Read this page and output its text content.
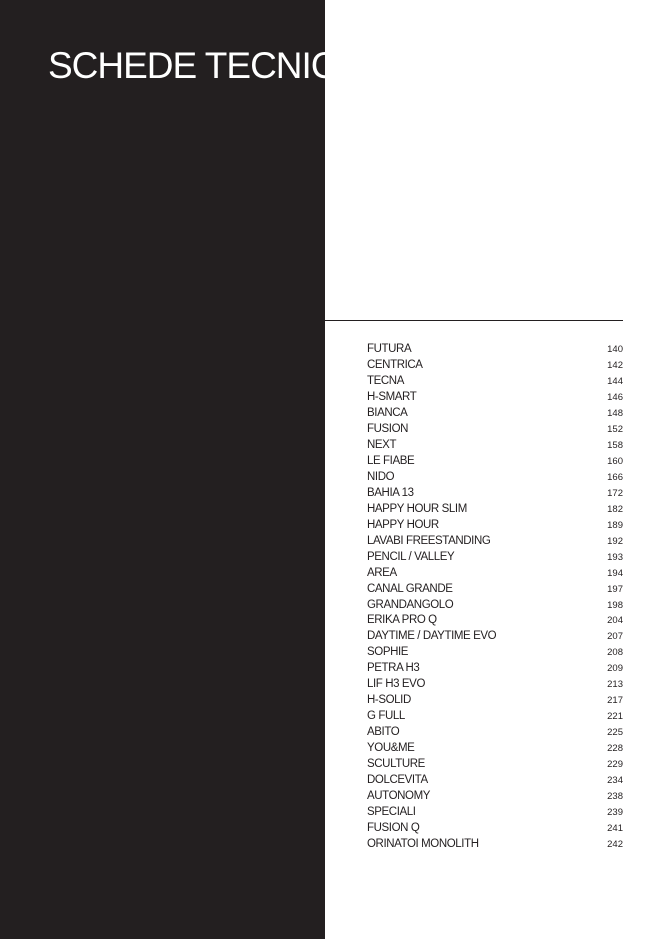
SCHEDE TECNICHE
FUTURA	140
CENTRICA	142
TECNA	144
H-SMART	146
BIANCA	148
FUSION	152
NEXT	158
LE FIABE	160
NIDO	166
BAHIA 13	172
HAPPY HOUR SLIM	182
HAPPY HOUR	189
LAVABI FREESTANDING	192
PENCIL / VALLEY	193
AREA	194
CANAL GRANDE	197
GRANDANGOLO	198
ERIKA PRO Q	204
DAYTIME / DAYTIME EVO	207
SOPHIE	208
PETRA H3	209
LIF H3 EVO	213
H-SOLID	217
G FULL	221
ABITO	225
YOU&ME	228
SCULTURE	229
DOLCEVITA	234
AUTONOMY	238
SPECIALI	239
FUSION Q	241
ORINATOI MONOLITH	242
